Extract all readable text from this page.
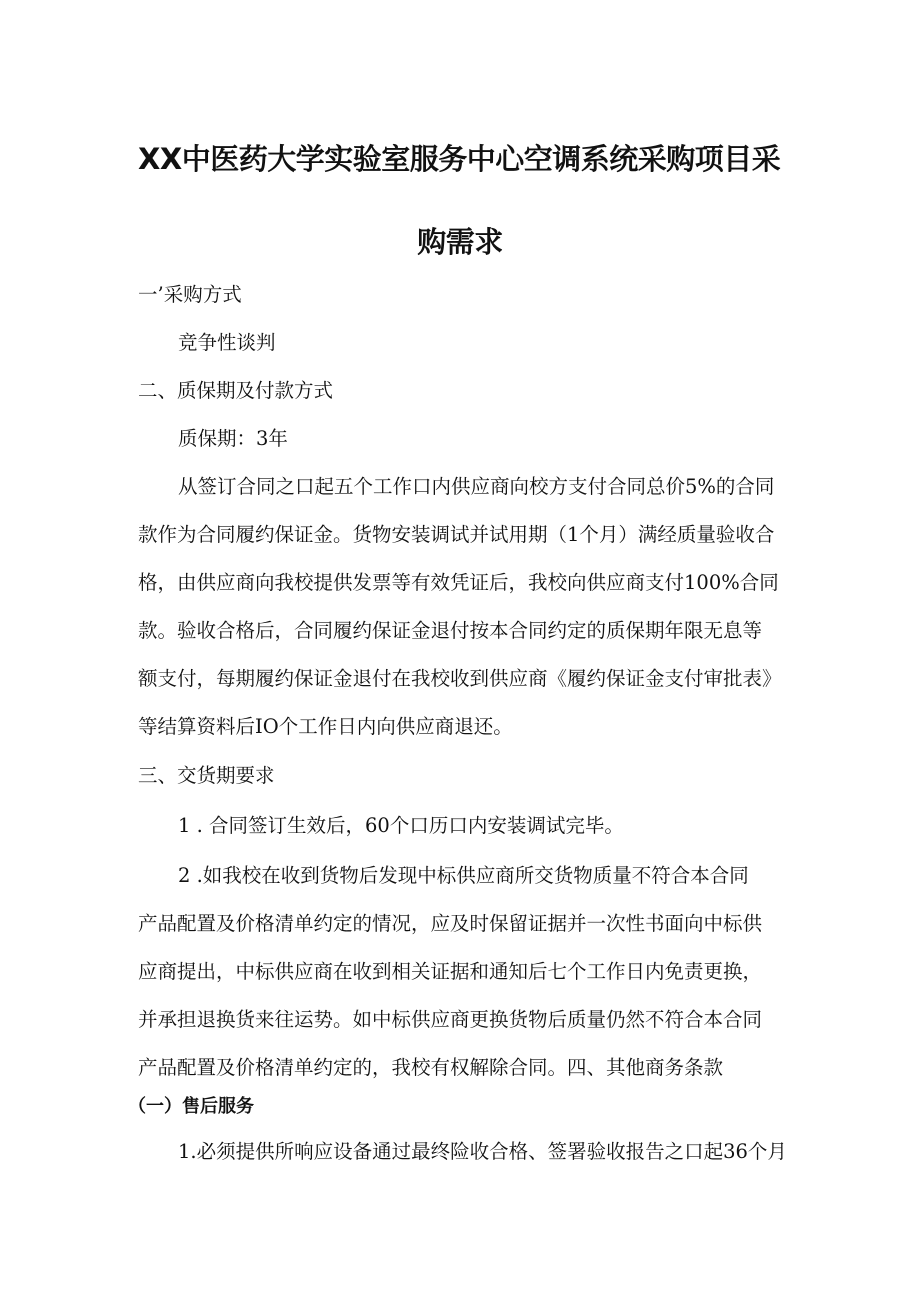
XX中医药大学实验室服务中心空调系统采购项目采
购需求
一’采购方式
竞争性谈判
二、质保期及付款方式
质保期：3年
从签订合同之口起五个工作口内供应商向校方支付合同总价5%的合同
款作为合同履约保证金。货物安装调试并试用期（1个月）满经质量验收合
格，由供应商向我校提供发票等有效凭证后，我校向供应商支付100%合同
款。验收合格后，合同履约保证金退付按本合同约定的质保期年限无息等
额支付，每期履约保证金退付在我校收到供应商《履约保证金支付审批表》
等结算资料后IO个工作日内向供应商退还。
三、交货期要求
1 . 合同签订生效后，60个口历口内安装调试完毕。
2 .如我校在收到货物后发现中标供应商所交货物质量不符合本合同
产品配置及价格清单约定的情况，应及时保留证据并一次性书面向中标供
应商提出，中标供应商在收到相关证据和通知后七个工作日内免责更换，
并承担退换货来往运势。如中标供应商更换货物后质量仍然不符合本合同
产品配置及价格清单约定的，我校有权解除合同。四、其他商务条款
（一）售后服务
1.必须提供所响应设备通过最终险收合格、签署验收报告之口起36个月
